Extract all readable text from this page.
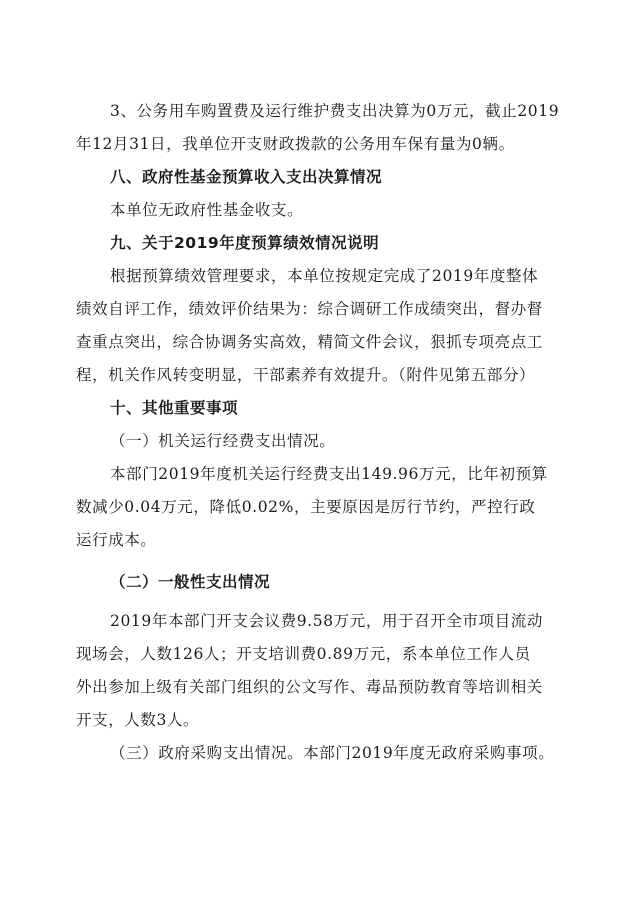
3、公务用车购置费及运行维护费支出决算为0万元，截止2019
年12月31日，我单位开支财政拨款的公务用车保有量为0辆。
八、政府性基金预算收入支出决算情况
本单位无政府性基金收支。
九、关于2019年度预算绩效情况说明
根据预算绩效管理要求，本单位按规定完成了2019年度整体
绩效自评工作，绩效评价结果为：综合调研工作成绩突出，督办督
查重点突出，综合协调务实高效，精简文件会议，狠抓专项亮点工
程，机关作风转变明显，干部素养有效提升。（附件见第五部分）
十、其他重要事项
（一）机关运行经费支出情况。
本部门2019年度机关运行经费支出149.96万元，比年初预算
数减少0.04万元，降低0.02%，主要原因是厉行节约，严控行政
运行成本。
（二）一般性支出情况
2019年本部门开支会议费9.58万元，用于召开全市项目流动
现场会，人数126人；开支培训费0.89万元，系本单位工作人员
外出参加上级有关部门组织的公文写作、毒品预防教育等培训相关
开支，人数3人。
（三）政府采购支出情况。本部门2019年度无政府采购事项。
